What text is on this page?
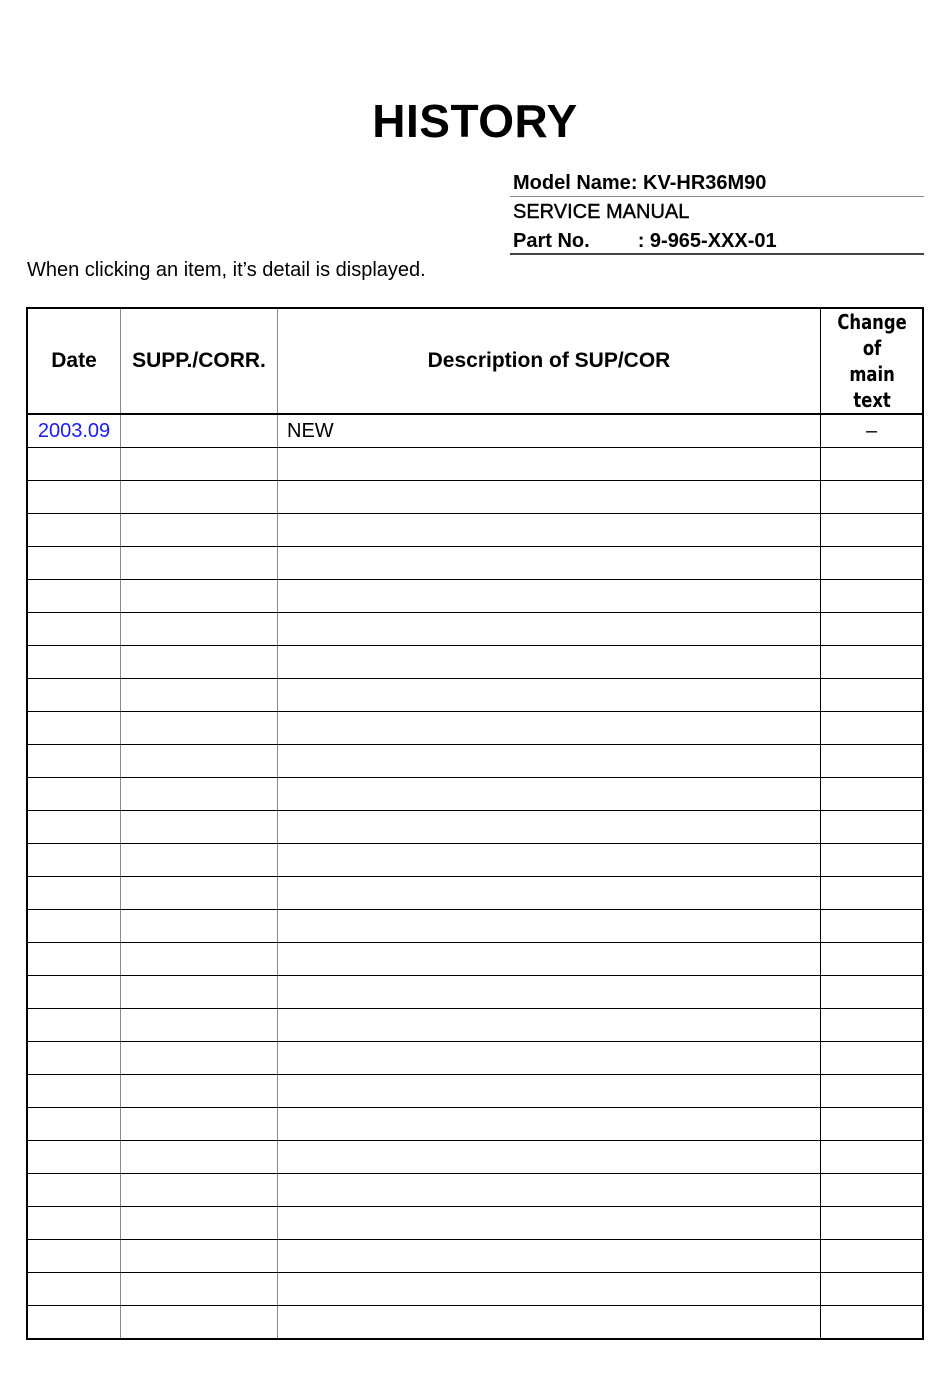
HISTORY
Model Name: KV-HR36M90
SERVICE MANUAL
Part No. : 9-965-XXX-01
When clicking an item, it’s detail is displayed.
Date	SUPP./CORR.	Description of SUP/COR	Change of
main text
2003.09		NEW	–
